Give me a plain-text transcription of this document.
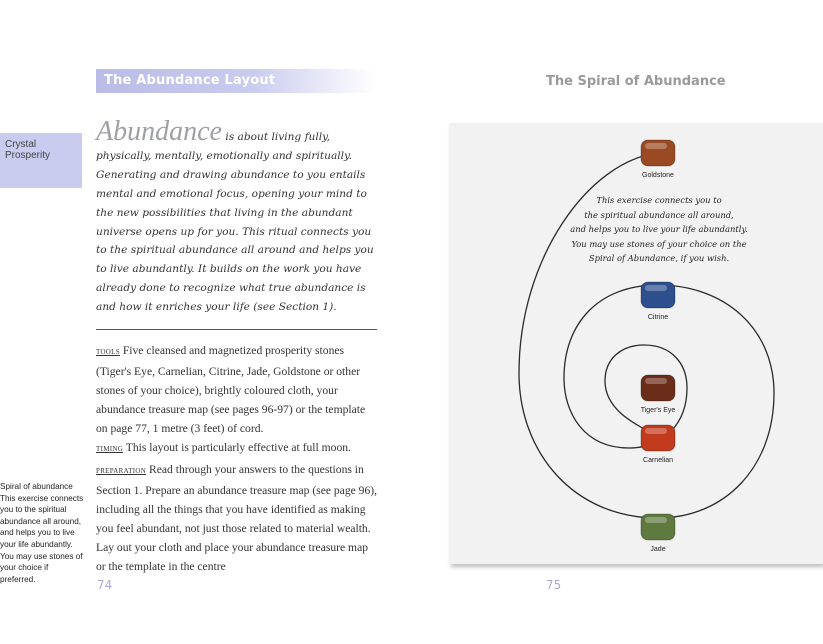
The Abundance Layout
Crystal Prosperity
Abundance is about living fully, physically, mentally, emotionally and spiritually. Generating and drawing abundance to you entails mental and emotional focus, opening your mind to the new possibilities that living in the abundant universe opens up for you. This ritual connects you to the spiritual abundance all around and helps you to live abundantly. It builds on the work you have already done to recognize what true abundance is and how it enriches your life (see Section 1).
tools Five cleansed and magnetized prosperity stones (Tiger's Eye, Carnelian, Citrine, Jade, Goldstone or other stones of your choice), brightly coloured cloth, your abundance treasure map (see pages 96-97) or the template on page 77, 1 metre (3 feet) of cord.
timing This layout is particularly effective at full moon.
preparation Read through your answers to the questions in Section 1. Prepare an abundance treasure map (see page 96), including all the things that you have identified as making you feel abundant, not just those related to material wealth. Lay out your cloth and place your abundance treasure map or the template in the centre
Spiral of abundance This exercise connects you to the spiritual abundance all around, and helps you to live your life abundantly. You may use stones of your choice if preferred.	74
The Spiral of Abundance
Goldstone
Citrine
Tiger's Eye
Carnelian
Jade
This exercise connects you to
the spiritual abundance all around,
and helps you to live your life abundantly.
You may use stones of your choice on the
Spiral of Abundance, if you wish.
75
